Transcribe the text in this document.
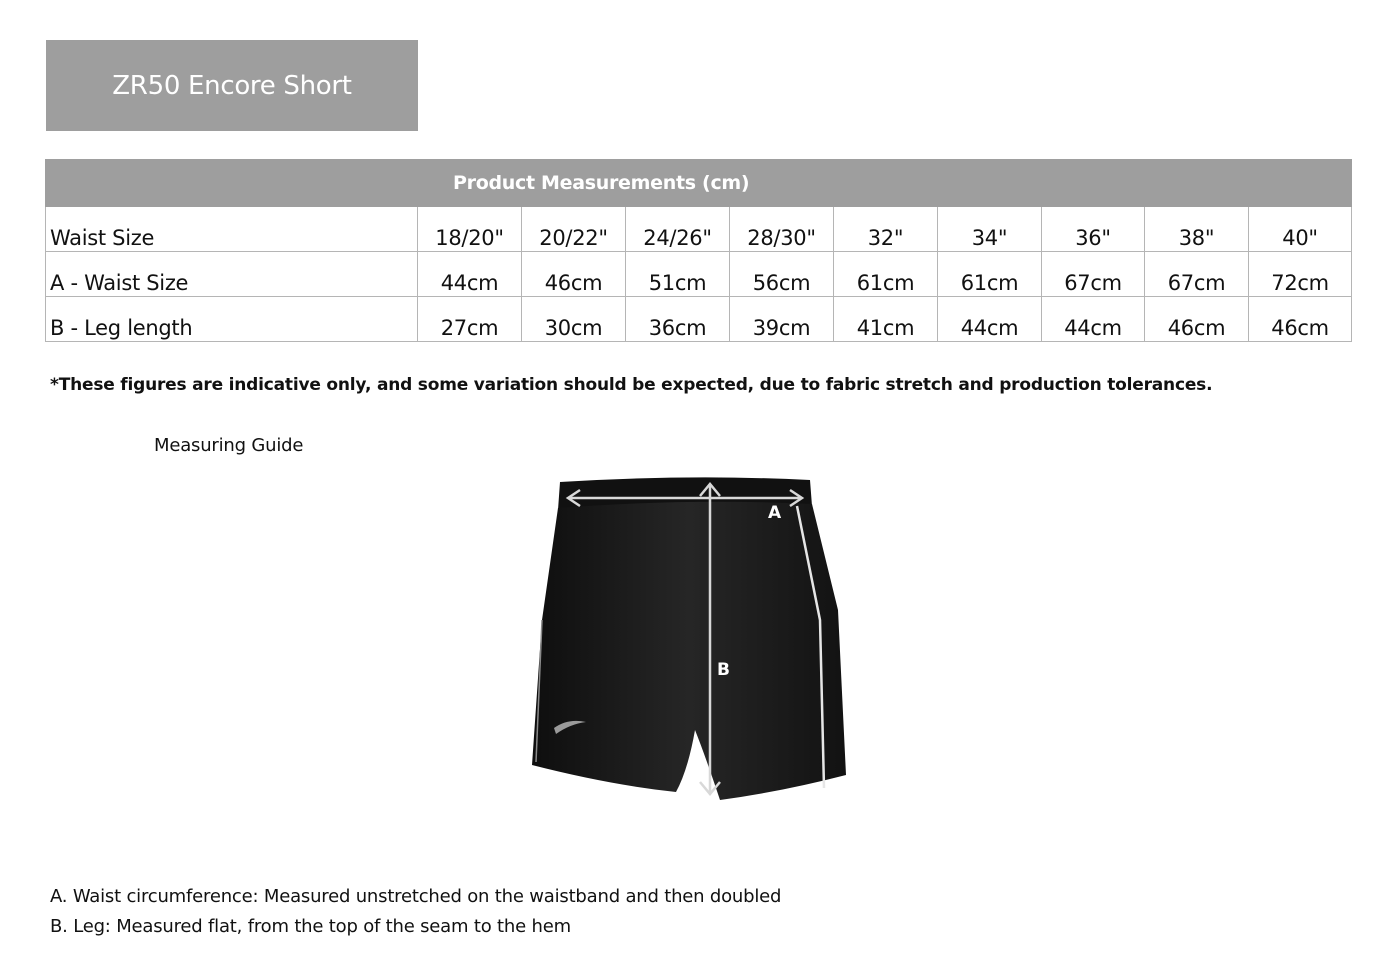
ZR50 Encore Short
Product Measurements (cm)									
Waist Size	18/20"	20/22"	24/26"	28/30"	32"	34"	36"	38"	40"
A - Waist Size	44cm	46cm	51cm	56cm	61cm	61cm	67cm	67cm	72cm
B - Leg length	27cm	30cm	36cm	39cm	41cm	44cm	44cm	46cm	46cm
*These figures are indicative only, and some variation should be expected, due to fabric stretch and production tolerances.
Measuring Guide
A
B
A. Waist circumference: Measured unstretched on the waistband and then doubled
B. Leg: Measured flat, from the top of the seam to the hem
